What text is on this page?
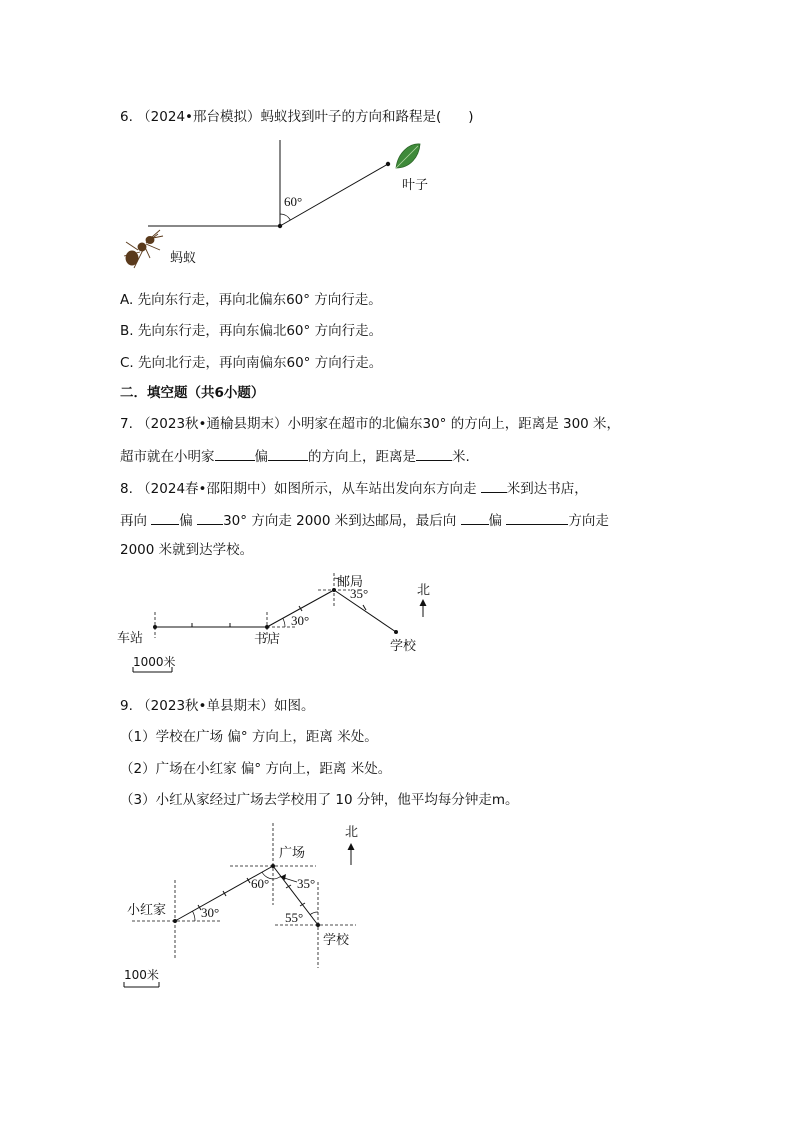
6. （2024•邢台模拟）蚂蚁找到叶子的方向和路程是(　　)
60°
叶子
蚂蚁
A. 先向东行走，再向北偏东60° 方向行走。
B. 先向东行走，再向东偏北60° 方向行走。
C. 先向北行走，再向南偏东60° 方向行走。
二．填空题（共6小题）
7. （2023秋•通榆县期末）小明家在超市的北偏东30° 的方向上，距离是 300 米，
超市就在小明家	偏	的方向上，距离是	米.
8. （2024春•邵阳期中）如图所示，从车站出发向东方向走 米到达书店，
再向 偏 30° 方向走 2000 米到达邮局，最后向 偏	方向走
2000 米就到达学校。
30°
35°
邮局
车站	书店	学校
北
1000米
9. （2023秋•单县期末）如图。
（1）学校在广场 偏° 方向上，距离 米处。
（2）广场在小红家 偏° 方向上，距离 米处。
（3）小红从家经过广场去学校用了 10 分钟，他平均每分钟走m。
30°
60° 35°
55°
广场
小红家
学校
北
100米
